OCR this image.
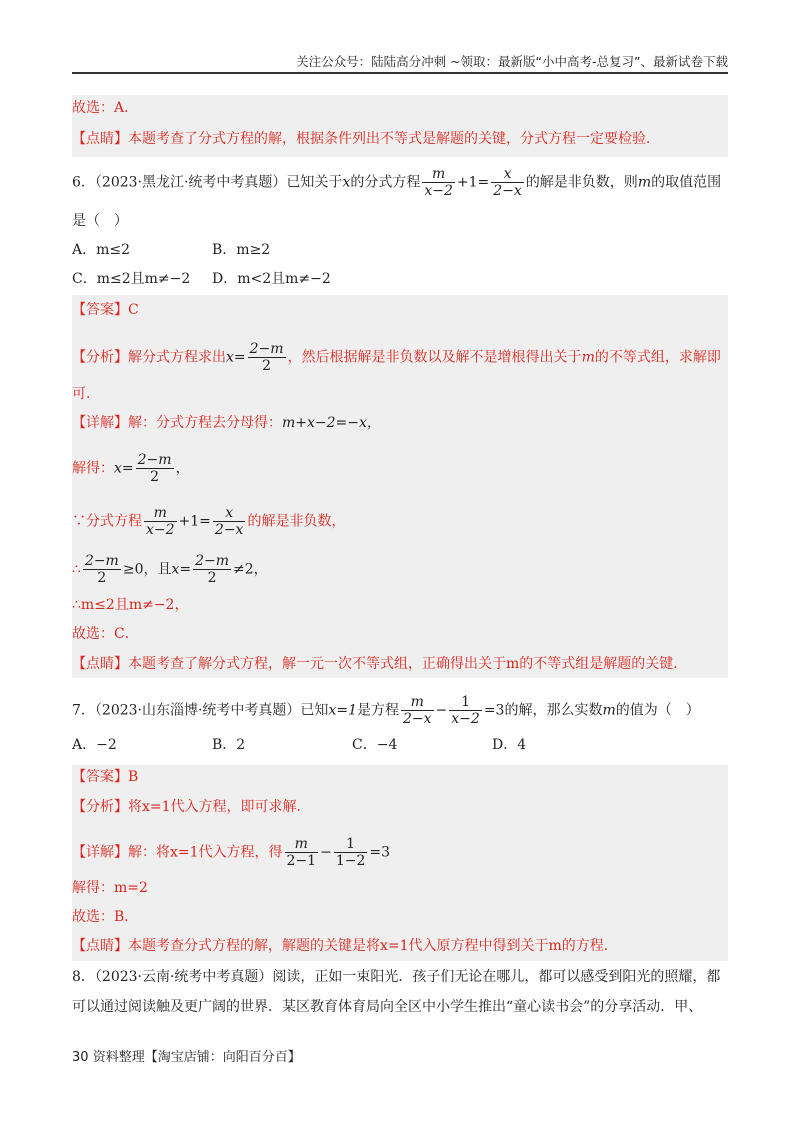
关注公众号：陆陆高分冲刺 ~领取：最新版“小中高考-总复习”、最新试卷下载
故选：A．
【点睛】本题考查了分式方程的解，根据条件列出不等式是解题的关键，分式方程一定要检验．
6．（2023·黑龙江·统考中考真题）已知关于x的分式方程 $\frac{m}{x-2} +1= \frac{x}{2-x}$ 的解是非负数，则m的取值范围
是（　）
A．m≤2	B．m≥2
C．m≤2且m≠−2 D．m<2且m≠−2
【答案】C
【分析】解分式方程求出$x= \frac{2-m}{2}$ ，然后根据解是非负数以及解不是增根得出关于m的不等式组，求解即
可．
【详解】解：分式方程去分母得：m+x−2=−x，
解得：$x= \frac{2-m}{2}$ ，
∵分式方程 $\frac{m}{x-2} +1= \frac{x}{2-x}$ 的解是非负数，
∴ $\frac{2-m}{2} \ge 0$，且$x= \frac{2-m}{2} \ne 2$，
∴m≤2且m≠−2，
故选：C．
【点睛】本题考查了解分式方程，解一元一次不等式组，正确得出关于m的不等式组是解题的关键．
7．（2023·山东淄博·统考中考真题）已知x=1是方程 $\frac{m}{2-x} - \frac{1}{x-2} =3$的解，那么实数m的值为（　）
A．−2	B．2	C．−4	D．4
【答案】B
【分析】将x=1代入方程，即可求解．
【详解】解：将x=1代入方程，得 $\frac{m}{2-1} - \frac{1}{1-2} =3$
解得：m=2
故选：B．
【点睛】本题考查分式方程的解，解题的关键是将x=1代入原方程中得到关于m的方程．
8．（2023·云南·统考中考真题）阅读，正如一束阳光．孩子们无论在哪儿，都可以感受到阳光的照耀，都
可以通过阅读触及更广阔的世界．某区教育体育局向全区中小学生推出“童心读书会”的分享活动．甲、
30 资料整理【淘宝店铺：向阳百分百】
